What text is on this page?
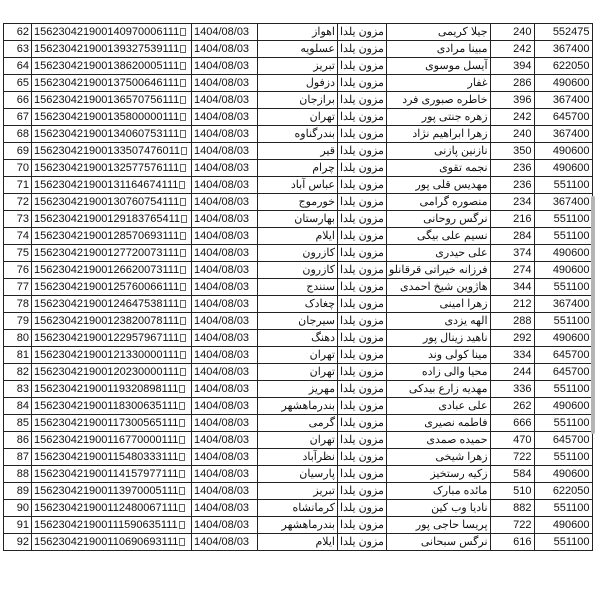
62	156230421900140970006111	1404/08/03	اهواز	مزون یلدا	جیلا کریمی	240	552475
63	156230421900139327539111	1404/08/03	عسلویه	مزون یلدا	مبینا مرادی	242	367400
64	156230421900138620005111	1404/08/03	تبریز	مزون یلدا	آیسل موسوی	394	622050
65	156230421900137500646111	1404/08/03	دزفول	مزون یلدا	غفار	286	490600
66	156230421900136570756111	1404/08/03	برازجان	مزون یلدا	خاطره صبوری فرد	396	367400
67	156230421900135800000111	1404/08/03	تهران	مزون یلدا	زهره جنتی پور	242	645700
68	156230421900134060753111	1404/08/03	بندرگناوه	مزون یلدا	زهرا ابراهیم نژاد	240	367400
69	156230421900133507476011	1404/08/03	قیر	مزون یلدا	نازنین پازنی	350	490600
70	156230421900132577576111	1404/08/03	چرام	مزون یلدا	نجمه تقوی	236	490600
71	156230421900131164674111	1404/08/03	عباس آباد	مزون یلدا	مهدیس قلی پور	236	551100
72	156230421900130760754111	1404/08/03	خورموج	مزون یلدا	منصوره گرامی	234	367400
73	156230421900129183765411	1404/08/03	بهارستان	مزون یلدا	نرگس روحانی	216	551100
74	156230421900128570693111	1404/08/03	ایلام	مزون یلدا	نسیم علی بیگی	284	551100
75	156230421900127720073111	1404/08/03	کازرون	مزون یلدا	علی حیدری	374	490600
76	156230421900126620073111	1404/08/03	کازرون	مزون یلدا	فرزانه خیراتی قرقانلو	274	490600
77	156230421900125760066111	1404/08/03	سنندج	مزون یلدا	هاژوین شیخ احمدی	344	551100
78	156230421900124647538111	1404/08/03	چغادک	مزون یلدا	زهرا امینی	212	367400
79	156230421900123820078111	1404/08/03	سیرجان	مزون یلدا	الهه یزدی	288	551100
80	156230421900122957967111	1404/08/03	دهنگ	مزون یلدا	ناهید زینال پور	292	490600
81	156230421900121330000111	1404/08/03	تهران	مزون یلدا	مینا کولی وند	334	645700
82	156230421900120230000111	1404/08/03	تهران	مزون یلدا	محیا والی زاده	244	645700
83	156230421900119320898111	1404/08/03	مهریز	مزون یلدا	مهدیه زارع بیدکی	336	551100
84	156230421900118300635111	1404/08/03	بندرماهشهر	مزون یلدا	علی عبادی	262	490600
85	156230421900117300565111	1404/08/03	گرمی	مزون یلدا	فاطمه نصیری	666	551100
86	156230421900116770000111	1404/08/03	تهران	مزون یلدا	حمیده صمدی	470	645700
87	156230421900115480333111	1404/08/03	نظرآباد	مزون یلدا	زهرا شیخی	722	551100
88	156230421900114157977111	1404/08/03	پارسیان	مزون یلدا	زکیه رستخیز	584	490600
89	156230421900113970005111	1404/08/03	تبریز	مزون یلدا	مائده مبارک	510	622050
90	156230421900112480067111	1404/08/03	کرمانشاه	مزون یلدا	نادیا وب کین	882	551100
91	156230421900111590635111	1404/08/03	بندرماهشهر	مزون یلدا	پریسا حاجی پور	722	490600
92	156230421900110690693111	1404/08/03	ایلام	مزون یلدا	نرگس سبحانی	616	551100
